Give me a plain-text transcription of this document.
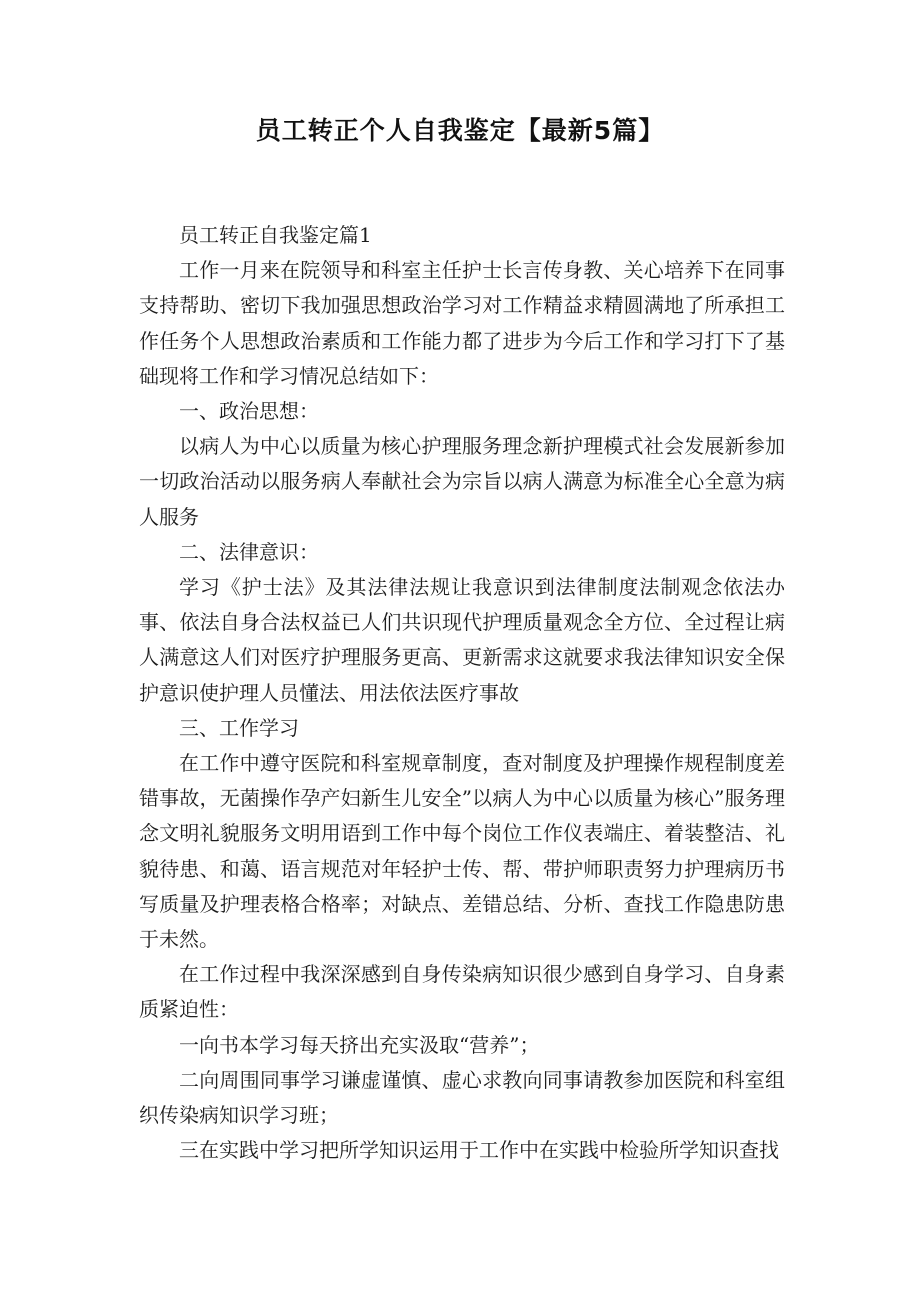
员工转正个人自我鉴定【最新5篇】

员工转正自我鉴定篇1

工作一月来在院领导和科室主任护士长言传身教、关心培养下在同事支持帮助、密切下我加强思想政治学习对工作精益求精圆满地了所承担工作任务个人思想政治素质和工作能力都了进步为今后工作和学习打下了基础现将工作和学习情况总结如下：

一、政治思想：

以病人为中心以质量为核心护理服务理念新护理模式社会发展新参加一切政治活动以服务病人奉献社会为宗旨以病人满意为标准全心全意为病人服务

二、法律意识：

学习《护士法》及其法律法规让我意识到法律制度法制观念依法办事、依法自身合法权益已人们共识现代护理质量观念全方位、全过程让病人满意这人们对医疗护理服务更高、更新需求这就要求我法律知识安全保护意识使护理人员懂法、用法依法医疗事故

三、工作学习

在工作中遵守医院和科室规章制度，查对制度及护理操作规程制度差错事故，无菌操作孕产妇新生儿安全”以病人为中心以质量为核心”服务理念文明礼貌服务文明用语到工作中每个岗位工作仪表端庄、着装整洁、礼貌待患、和蔼、语言规范对年轻护士传、帮、带护师职责努力护理病历书写质量及护理表格合格率；对缺点、差错总结、分析、查找工作隐患防患于未然。

在工作过程中我深深感到自身传染病知识很少感到自身学习、自身素质紧迫性：

一向书本学习每天挤出充实汲取“营养”；

二向周围同事学习谦虚谨慎、虚心求教向同事请教参加医院和科室组织传染病知识学习班；

三在实践中学习把所学知识运用于工作中在实践中检验所学知识查找
